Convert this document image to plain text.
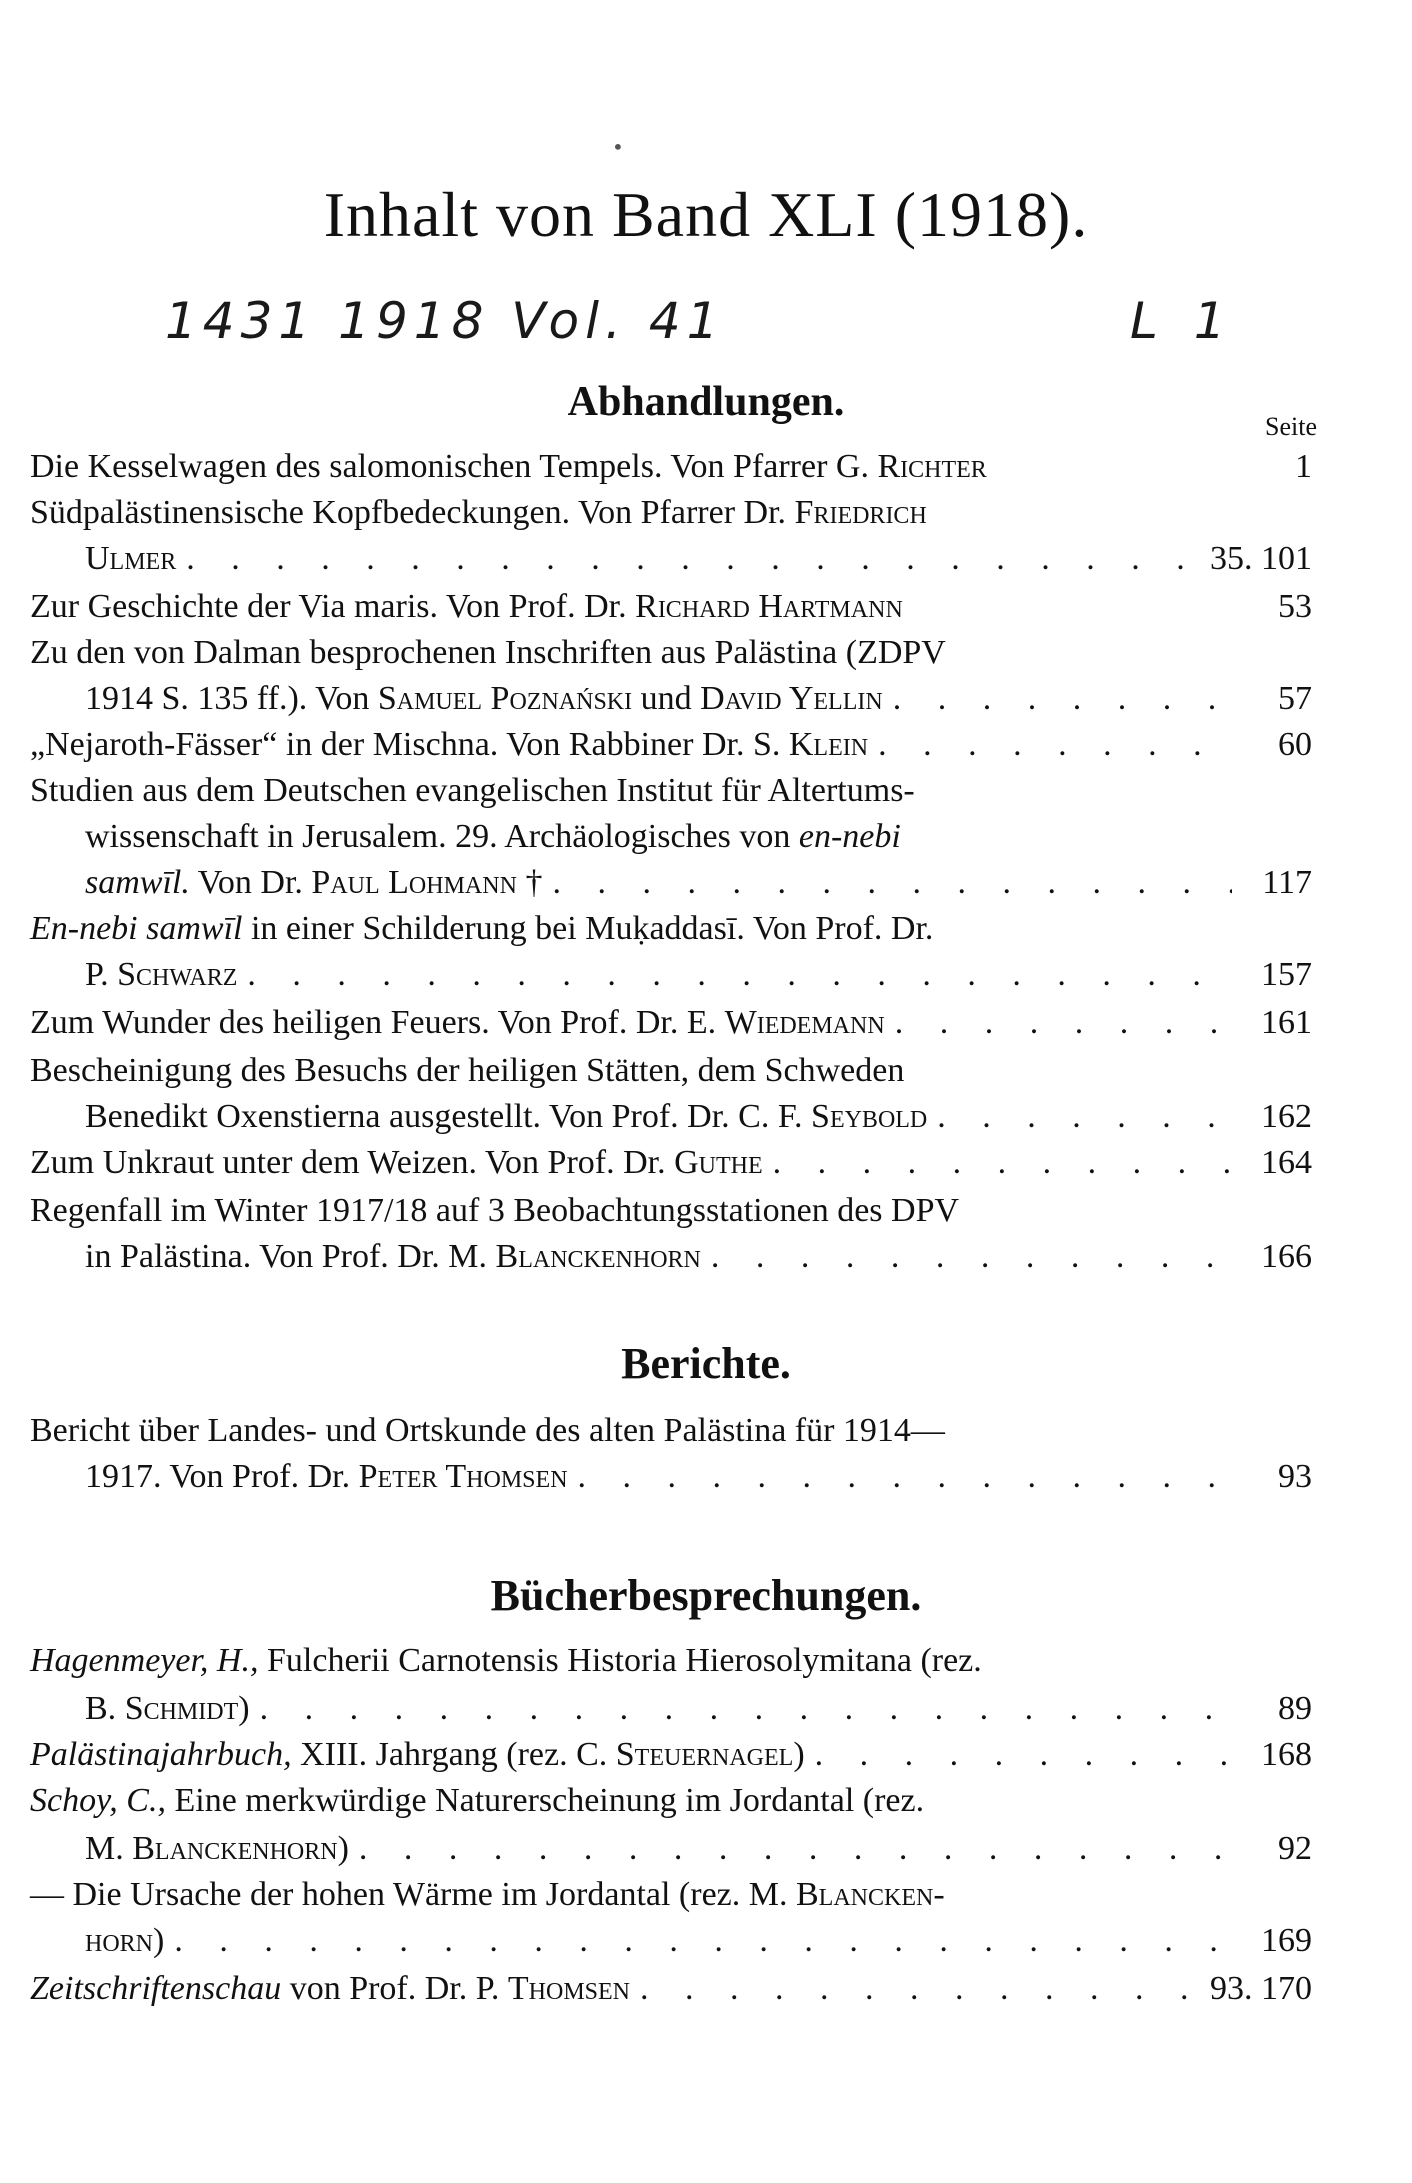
•
Inhalt von Band XLI (1918).
1431 1918 Vol. 41	L 1
Abhandlungen.
Seite
Die Kesselwagen des salomonischen Tempels. Von Pfarrer G. Richter	1
Südpalästinensische Kopfbedeckungen. Von Pfarrer Dr. Friedrich
Ulmer . . .	35. 101
Zur Geschichte der Via maris. Von Prof. Dr. Richard Hartmann	53
Zu den von Dalman besprochenen Inschriften aus Palästina (ZDPV
1914 S. 135 ff.). Von Samuel Poznański und David Yellin . . .	57
„Nejaroth-Fässer“ in der Mischna. Von Rabbiner Dr. S. Klein . . .	60
Studien aus dem Deutschen evangelischen Institut für Altertums-
wissenschaft in Jerusalem. 29. Archäologisches von en-nebi
samwīl. Von Dr. Paul Lohmann † . . .	117
En-nebi samwīl in einer Schilderung bei Muḳaddasī. Von Prof. Dr.
P. Schwarz . . .	157
Zum Wunder des heiligen Feuers. Von Prof. Dr. E. Wiedemann . . .	161
Bescheinigung des Besuchs der heiligen Stätten, dem Schweden
Benedikt Oxenstierna ausgestellt. Von Prof. Dr. C. F. Seybold . . .	162
Zum Unkraut unter dem Weizen. Von Prof. Dr. Guthe . . .	164
Regenfall im Winter 1917/18 auf 3 Beobachtungsstationen des DPV
in Palästina. Von Prof. Dr. M. Blanckenhorn . . .	166
Berichte.
Bericht über Landes- und Ortskunde des alten Palästina für 1914—
1917. Von Prof. Dr. Peter Thomsen . . .	93
Bücherbesprechungen.
Hagenmeyer, H., Fulcherii Carnotensis Historia Hierosolymitana (rez.
B. Schmidt ) . . .	89
Palästinajahrbuch, XIII. Jahrgang (rez. C. Steuernagel ) . . .	168
Schoy, C., Eine merkwürdige Naturerscheinung im Jordantal (rez.
M. Blanckenhorn ) . . .	92
— Die Ursache der hohen Wärme im Jordantal (rez. M. Blancken-
horn ) . . .	169
Zeitschriftenschau von Prof. Dr. P. Thomsen . . .	93. 170
